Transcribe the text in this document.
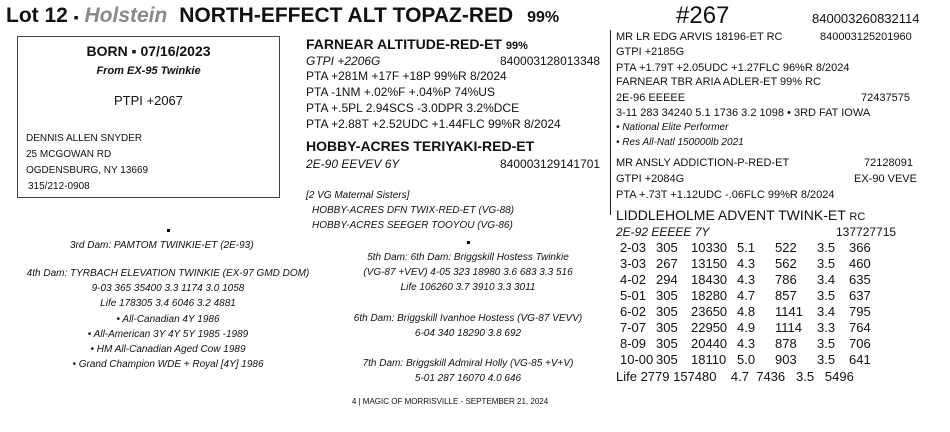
Lot 12 ▪ Holstein NORTH-EFFECT ALT TOPAZ-RED 99%	#267	840003260832114
BORN ▪ 07/16/2023
From EX-95 Twinkie
PTPI +2067
DENNIS ALLEN SNYDER
25 MCGOWAN RD
OGDENSBURG, NY 13669
315/212-0908
FARNEAR ALTITUDE-RED-ET 99%
GTPI +2206G	840003128013348
PTA +281M +17F +18P 99%R 8/2024
PTA -1NM +.02%F +.04%P 74%US
PTA +.5PL 2.94SCS -3.0DPR 3.2%DCE
PTA +2.88T +2.52UDC +1.44FLC 99%R 8/2024
HOBBY-ACRES TERIYAKI-RED-ET
2E-90 EEVEV 6Y	840003129141701
[2 VG Maternal Sisters]
HOBBY-ACRES DFN TWIX-RED-ET (VG-88)
HOBBY-ACRES SEEGER TOOYOU (VG-86)
3rd Dam: PAMTOM TWINKIE-ET (2E-93)
4th Dam: TYRBACH ELEVATION TWINKIE (EX-97 GMD DOM)
9-03 365 35400 3.3 1174 3.0 1058
Life 178305 3.4 6046 3.2 4881
• All-Canadian 4Y 1986
• All-American 3Y 4Y 5Y 1985 -1989
• HM All-Canadian Aged Cow 1989
• Grand Champion WDE + Royal [4Y] 1986
5th Dam: 6th Dam: Briggskill Hostess Twinkie
(VG-87 +VEV) 4-05 323 18980 3.6 683 3.3 516
Life 106260 3.7 3910 3.3 3011
6th Dam: Briggskill Ivanhoe Hostess (VG-87 VEVV)
6-04 340 18290 3.8 692
7th Dam: Briggskill Admiral Holly (VG-85 +V+V)
5-01 287 16070 4.0 646
4 | MAGIC OF MORRISVILLE - SEPTEMBER 21, 2024
MR LR EDG ARVIS 18196-ET RC	840003125201960
GTPI +2185G
PTA +1.79T +2.05UDC +1.27FLC 96%R 8/2024
FARNEAR TBR ARIA ADLER-ET 99% RC
2E-96 EEEEE	72437575
3-11 283 34240 5.1 1736 3.2 1098 • 3RD FAT IOWA
• National Elite Performer
• Res All-Natl 150000lb 2021
MR ANSLY ADDICTION-P-RED-ET	72128091
GTPI +2084G	EX-90 VEVE
PTA +.73T +1.12UDC -.06FLC 99%R 8/2024
LIDDLEHOLME ADVENT TWINK-ET RC
2E-92 EEEEE 7Y	137727715
2-03	305	10330	5.1	522	3.5	366
3-03	267	13150	4.3	562	3.5	460
4-02	294	18430	4.3	786	3.4	635
5-01	305	18280	4.7	857	3.5	637
6-02	305	23650	4.8	1141	3.4	795
7-07	305	22950	4.9	1114	3.3	764
8-09	305	20440	4.3	878	3.5	706
10-00	305	18110	5.0	903	3.5	641
Life 2779 157480    4.7  7436   3.5   5496
